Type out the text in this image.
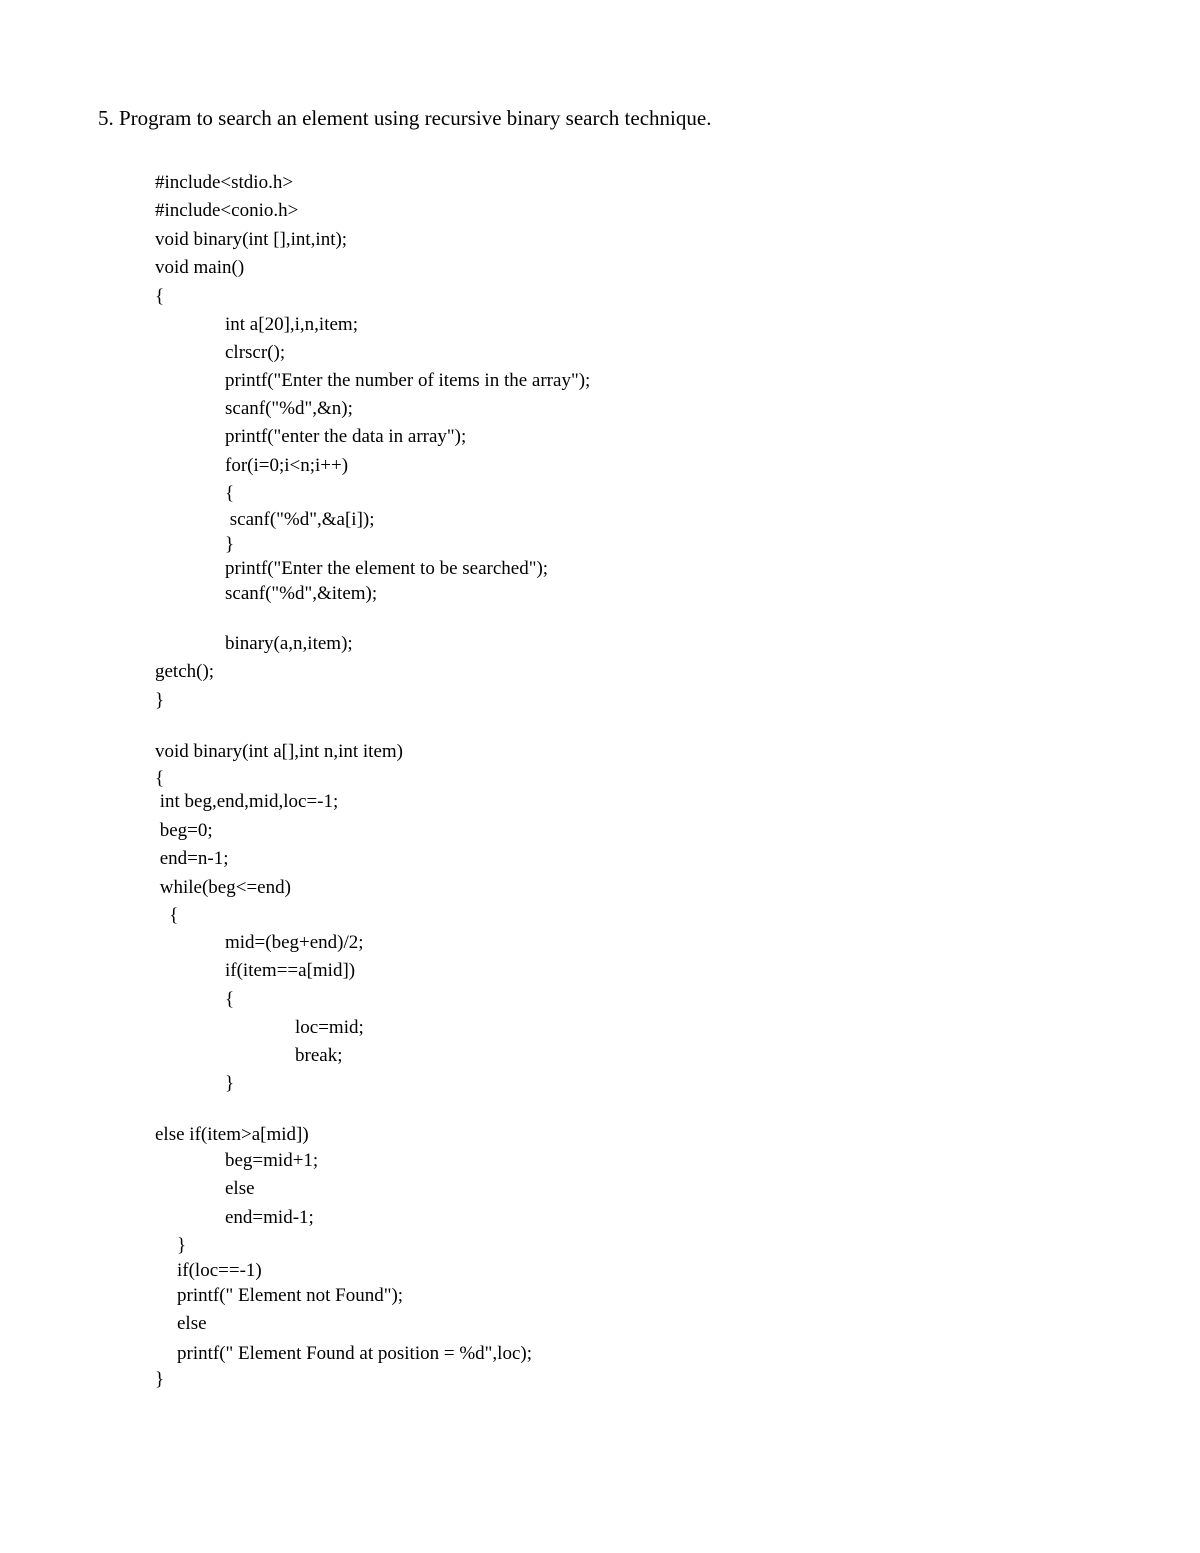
5. Program to search an element using recursive binary search technique.
#include<stdio.h>
#include<conio.h>
void binary(int [],int,int);
void main()
{
int a[20],i,n,item;
clrscr();
printf("Enter the number of items in the array");
scanf("%d",&n);
printf("enter the data in array");
for(i=0;i<n;i++)
{
scanf("%d",&a[i]);
}
printf("Enter the element to be searched");
scanf("%d",&item);
binary(a,n,item);
getch();
}
void binary(int a[],int n,int item)
{
int beg,end,mid,loc=-1;
beg=0;
end=n-1;
while(beg<=end)
{
mid=(beg+end)/2;
if(item==a[mid])
{
loc=mid;
break;
}
else if(item>a[mid])
beg=mid+1;
else
end=mid-1;
}
if(loc==-1)
printf(" Element not Found");
else
printf(" Element Found at position = %d",loc);
}
